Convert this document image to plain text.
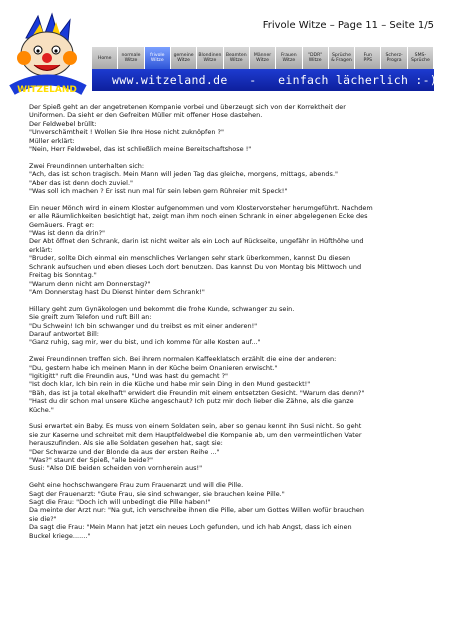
Frivole Witze – Page 11 – Seite 1/5
WITZELAND
Home	normale
Witze
frivole
Witze
gemeine
Witze
Blondinen
Witze
Beamten
Witze
Männer
Witze
Frauen
Witze
"DDR"
Witze
Sprüche
& Fragen
Fun
PPS
Scherz-
Progra
SMS-
Sprüche
www.witzeland.de   -   einfach lächerlich :-)
Der Spieß geht an der angetretenen Kompanie vorbei und überzeugt sich von der Korrektheit der
Uniformen. Da sieht er den Gefreiten Müller mit offener Hose dastehen.
Der Feldwebel brüllt:
"Unverschämtheit ! Wollen Sie Ihre Hose nicht zuknöpfen ?"
Müller erklärt:
"Nein, Herr Feldwebel, das ist schließlich meine Bereitschaftshose !"
Zwei Freundinnen unterhalten sich:
"Ach, das ist schon tragisch. Mein Mann will jeden Tag das gleiche, morgens, mittags, abends."
"Aber das ist denn doch zuviel."
"Was soll ich machen ? Er isst nun mal für sein leben gern Rühreier mit Speck!"
Ein neuer Mönch wird in einem Kloster aufgenommen und vom Klostervorsteher herumgeführt. Nachdem
er alle Räumlichkeiten besichtigt hat, zeigt man ihm noch einen Schrank in einer abgelegenen Ecke des
Gemäuers. Fragt er:
"Was ist denn da drin?"
Der Abt öffnet den Schrank, darin ist nicht weiter als ein Loch auf Rückseite, ungefähr in Hüfthöhe und
erklärt:
"Bruder, sollte Dich einmal ein menschliches Verlangen sehr stark überkommen, kannst Du diesen
Schrank aufsuchen und eben dieses Loch dort benutzen. Das kannst Du von Montag bis Mittwoch und
Freitag bis Sonntag."
"Warum denn nicht am Donnerstag?"
"Am Donnerstag hast Du Dienst hinter dem Schrank!"
Hillary geht zum Gynäkologen und bekommt die frohe Kunde, schwanger zu sein.
Sie greift zum Telefon und ruft Bill an:
"Du Schwein! Ich bin schwanger und du treibst es mit einer anderen!"
Darauf antwortet Bill:
"Ganz ruhig, sag mir, wer du bist, und ich komme für alle Kosten auf..."
Zwei Freundinnen treffen sich. Bei ihrem normalen Kaffeeklatsch erzählt die eine der anderen:
"Du, gestern habe ich meinen Mann in der Küche beim Onanieren erwischt."
"Igitigitt" ruft die Freundin aus, "Und was hast du gemacht ?"
"Ist doch klar, Ich bin rein in die Küche und habe mir sein Ding in den Mund gesteckt!"
"Bäh, das ist ja total ekelhaft" erwidert die Freundin mit einem entsetzten Gesicht. "Warum das denn?"
"Hast du dir schon mal unsere Küche angeschaut? Ich putz mir doch lieber die Zähne, als die ganze
Küche."
Susi erwartet ein Baby. Es muss von einem Soldaten sein, aber so genau kennt ihn Susi nicht. So geht
sie zur Kaserne und schreitet mit dem Hauptfeldwebel die Kompanie ab, um den vermeintlichen Vater
herauszufinden. Als sie alle Soldaten gesehen hat, sagt sie:
"Der Schwarze und der Blonde da aus der ersten Reihe ..."
"Was?" staunt der Spieß, "alle beide?"
Susi: "Also DIE beiden scheiden von vornherein aus!"
Geht eine hochschwangere Frau zum Frauenarzt und will die Pille.
Sagt der Frauenarzt: "Gute Frau, sie sind schwanger, sie brauchen keine Pille."
Sagt die Frau: "Doch ich will unbedingt die Pille haben!"
Da meinte der Arzt nur: "Na gut, ich verschreibe ihnen die Pille, aber um Gottes Willen wofür brauchen
sie die?"
Da sagt die Frau: "Mein Mann hat jetzt ein neues Loch gefunden, und ich hab Angst, dass ich einen
Buckel kriege......."
